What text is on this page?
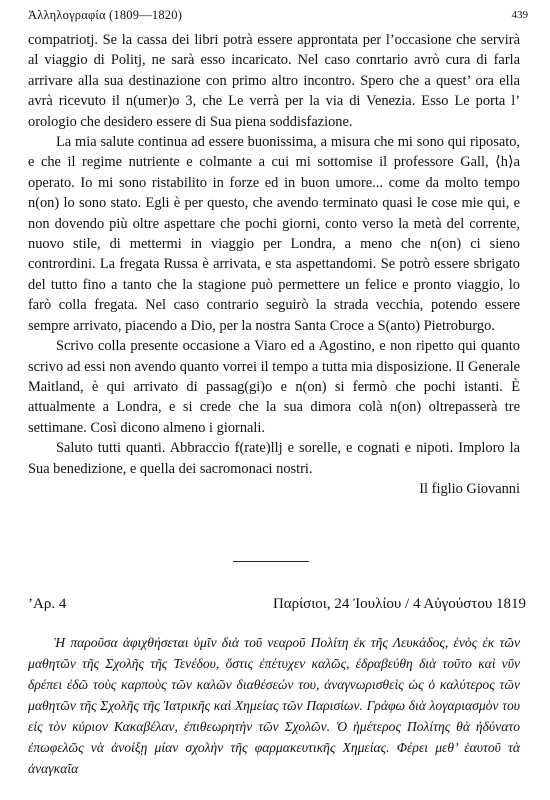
Ἀλληλογραφία (1809—1820)	439

compatriotj. Se la cassa dei libri potrà essere approntata per l’occasione che servirà al viaggio di Politj, ne sarà esso incaricato. Nel caso conrtario avrò cura di farla arrivare alla sua destinazione con primo altro incontro. Spero che a quest’ ora ella avrà ricevuto il n(umer)o 3, che Le verrà per la via di Venezia. Esso Le porta l’ orologio che desidero essere di Sua piena soddisfazione.

La mia salute continua ad essere buonissima, a misura che mi sono qui riposato, e che il regime nutriente e colmante a cui mi sottomise il professore Gall, ⟨h⟩a operato. Io mi sono ristabilito in forze ed in buon umore... come da molto tempo n(on) lo sono stato. Egli è per questo, che avendo terminato quasi le cose mie qui, e non dovendo più oltre aspettare che pochi giorni, conto verso la metà del corrente, nuovo stile, di mettermi in viaggio per Londra, a meno che n(on) ci sieno contrordini. La fregata Russa è arrivata, e sta aspettandomi. Se potrò essere sbrigato del tutto fino a tanto che la stagione può permettere un felice e pronto viaggio, lo farò colla fregata. Nel caso contrario seguirò la strada vecchia, potendo essere sempre arrivato, piacendo a Dio, per la nostra Santa Croce a S(anto) Pietroburgo.

Scrivo colla presente occasione a Viaro ed a Agostino, e non ripetto qui quanto scrivo ad essi non avendo quanto vorrei il tempo a tutta mia disposizione. Il Generale Maitland, è qui arrivato di passag(gi)o e n(on) si fermò che pochi istanti. È attualmente a Londra, e si crede che la sua dimora colà n(on) oltrepasserà tre settimane. Così dicono almeno i giornali.

Saluto tutti quanti. Abbraccio f(rate)llj e sorelle, e cognati e nipoti. Imploro la Sua benedizione, e quella dei sacromonaci nostri.

Il figlio Giovanni

’Αρ. 4	Παρίσιοι, 24 Ἰουλίου / 4 Αὐγούστου 1819

Ἡ παροῦσα ἀφιχθήσεται ὑμῖν διὰ τοῦ νεαροῦ Πολίτη ἐκ τῆς Λευκάδος, ἑνὸς ἐκ τῶν μαθητῶν τῆς Σχολῆς τῆς Τενέδου, ὅστις ἐπέτυχεν καλῶς, ἐδραβεύθη διὰ τοῦτο καὶ νῦν δρέπει ἐδῶ τοὺς καρποὺς τῶν καλῶν διαθέσεών του, ἀναγνωρισθεὶς ὡς ὁ καλύτερος τῶν μαθητῶν τῆς Σχολῆς τῆς Ἰατρικῆς καὶ Χημείας τῶν Παρισίων. Γράφω διὰ λογαριασμὸν του εἰς τὸν κύριον Κακαβέλαν, ἐπιθεωρητὴν τῶν Σχολῶν. Ὁ ἡμέτερος Πολίτης θὰ ἠδύνατο ἐπωφελῶς νὰ ἀνοίξῃ μίαν σχολὴν τῆς φαρμακευτικῆς Χημείας. Φέρει μεθ’ ἑαυτοῦ τὰ ἀναγκαῖα
